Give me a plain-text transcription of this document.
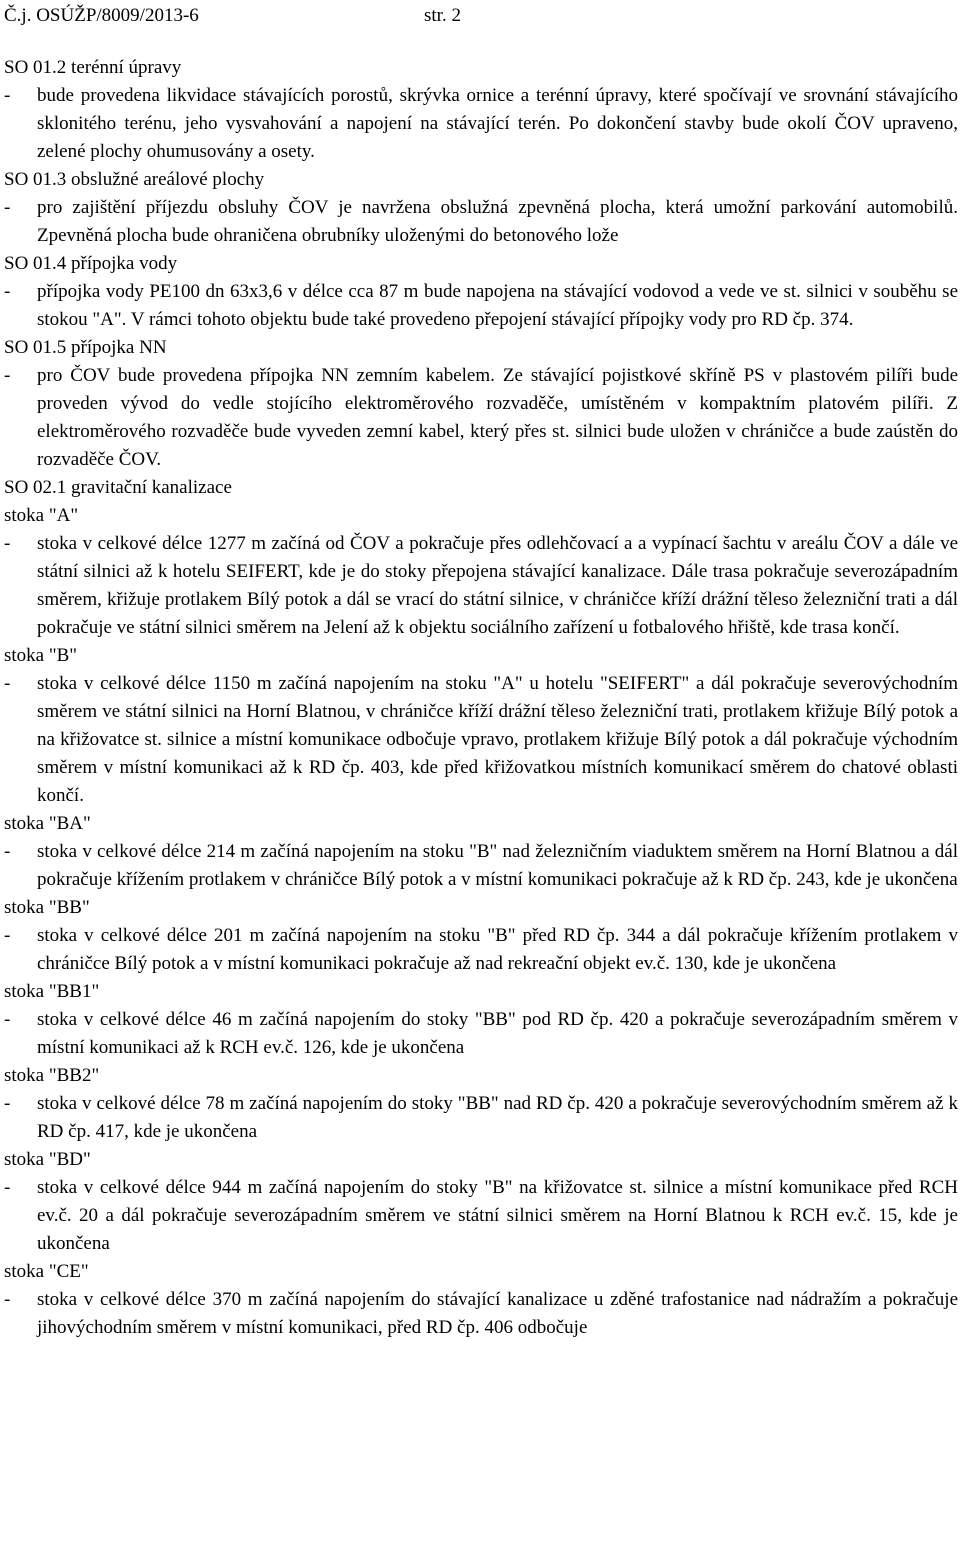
Č.j. OSÚŽP/8009/2013-6	str. 2

SO 01.2 terénní úpravy

- bude provedena likvidace stávajících porostů, skrývka ornice a terénní úpravy, které spočívají ve srovnání stávajícího sklonitého terénu, jeho vysvahování a napojení na stávající terén. Po dokončení stavby bude okolí ČOV upraveno, zelené plochy ohumusovány a osety.

SO 01.3 obslužné areálové plochy

- pro zajištění příjezdu obsluhy ČOV je navržena obslužná zpevněná plocha, která umožní parkování automobilů. Zpevněná plocha bude ohraničena obrubníky uloženými do betonového lože

SO 01.4 přípojka vody

- přípojka vody PE100 dn 63x3,6 v délce cca 87 m bude napojena na stávající vodovod a vede ve st. silnici v souběhu se stokou "A". V rámci tohoto objektu bude také provedeno přepojení stávající přípojky vody pro RD čp. 374.

SO 01.5 přípojka NN

- pro ČOV bude provedena přípojka NN zemním kabelem. Ze stávající pojistkové skříně PS v plastovém pilíři bude proveden vývod do vedle stojícího elektroměrového rozvaděče, umístěném v kompaktním platovém pilíři. Z elektroměrového rozvaděče bude vyveden zemní kabel, který přes st. silnici bude uložen v chráničce a bude zaústěn do rozvaděče ČOV.

SO 02.1 gravitační kanalizace

stoka "A"

- stoka v celkové délce 1277 m začíná od ČOV a pokračuje přes odlehčovací a a vypínací šachtu v areálu ČOV a dále ve státní silnici až k hotelu SEIFERT, kde je do stoky přepojena stávající kanalizace. Dále trasa pokračuje severozápadním směrem, křižuje protlakem Bílý potok a dál se vrací do státní silnice, v chráničce kříží drážní těleso železniční trati a dál pokračuje ve státní silnici směrem na Jelení až k objektu sociálního zařízení u fotbalového hřiště, kde trasa končí.

stoka "B"

- stoka v celkové délce 1150 m začíná napojením na stoku "A" u hotelu "SEIFERT" a dál pokračuje severovýchodním směrem ve státní silnici na Horní Blatnou, v chráničce kříží drážní těleso železniční trati, protlakem křižuje Bílý potok a na křižovatce st. silnice a místní komunikace odbočuje vpravo, protlakem křižuje Bílý potok a dál pokračuje východním směrem v místní komunikaci až k RD čp. 403, kde před křižovatkou místních komunikací směrem do chatové oblasti končí.

stoka "BA"

- stoka v celkové délce 214 m začíná napojením na stoku "B" nad železničním viaduktem směrem na Horní Blatnou a dál pokračuje křížením protlakem v chráničce Bílý potok a v místní komunikaci pokračuje až k RD čp. 243, kde je ukončena

stoka "BB"

- stoka v celkové délce 201 m začíná napojením na stoku "B" před RD čp. 344 a dál pokračuje křížením protlakem v chráničce Bílý potok a v místní komunikaci pokračuje až nad rekreační objekt ev.č. 130, kde je ukončena

stoka "BB1"

- stoka v celkové délce 46 m začíná napojením do stoky "BB" pod RD čp. 420 a pokračuje severozápadním směrem v místní komunikaci až k RCH ev.č. 126, kde je ukončena

stoka "BB2"

- stoka v celkové délce 78 m začíná napojením do stoky "BB" nad RD čp. 420 a pokračuje severovýchodním směrem až k RD čp. 417, kde je ukončena

stoka "BD"

- stoka v celkové délce 944 m začíná napojením do stoky "B" na křižovatce st. silnice a místní komunikace před RCH ev.č. 20 a dál pokračuje severozápadním směrem ve státní silnici směrem na Horní Blatnou k RCH ev.č. 15, kde je ukončena

stoka "CE"

- stoka v celkové délce 370 m začíná napojením do stávající kanalizace u zděné trafostanice nad nádražím a pokračuje jihovýchodním směrem v místní komunikaci, před RD čp. 406 odbočuje
